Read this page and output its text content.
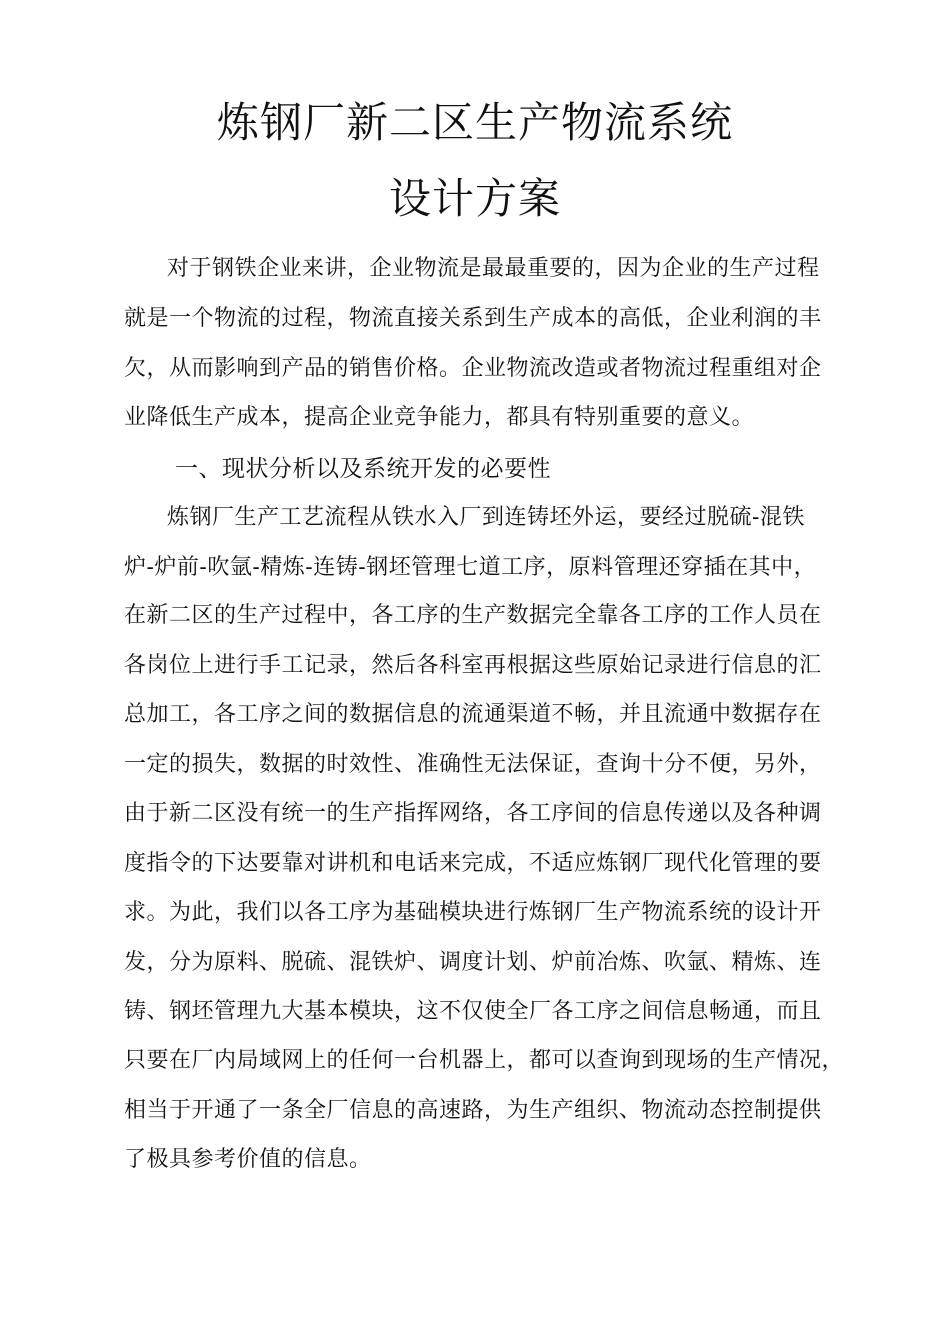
炼钢厂新二区生产物流系统
设计方案
对于钢铁企业来讲，企业物流是最最重要的，因为企业的生产过程
就是一个物流的过程，物流直接关系到生产成本的高低，企业利润的丰
欠，从而影响到产品的销售价格。企业物流改造或者物流过程重组对企
业降低生产成本，提高企业竞争能力，都具有特别重要的意义。
一、现状分析以及系统开发的必要性
炼钢厂生产工艺流程从铁水入厂到连铸坯外运，要经过脱硫-混铁
炉-炉前-吹氩-精炼-连铸-钢坯管理七道工序，原料管理还穿插在其中，
在新二区的生产过程中，各工序的生产数据完全靠各工序的工作人员在
各岗位上进行手工记录，然后各科室再根据这些原始记录进行信息的汇
总加工，各工序之间的数据信息的流通渠道不畅，并且流通中数据存在
一定的损失，数据的时效性、准确性无法保证，查询十分不便，另外，
由于新二区没有统一的生产指挥网络，各工序间的信息传递以及各种调
度指令的下达要靠对讲机和电话来完成，不适应炼钢厂现代化管理的要
求。为此，我们以各工序为基础模块进行炼钢厂生产物流系统的设计开
发，分为原料、脱硫、混铁炉、调度计划、炉前冶炼、吹氩、精炼、连
铸、钢坯管理九大基本模块，这不仅使全厂各工序之间信息畅通，而且
只要在厂内局域网上的任何一台机器上，都可以查询到现场的生产情况，
相当于开通了一条全厂信息的高速路，为生产组织、物流动态控制提供
了极具参考价值的信息。
